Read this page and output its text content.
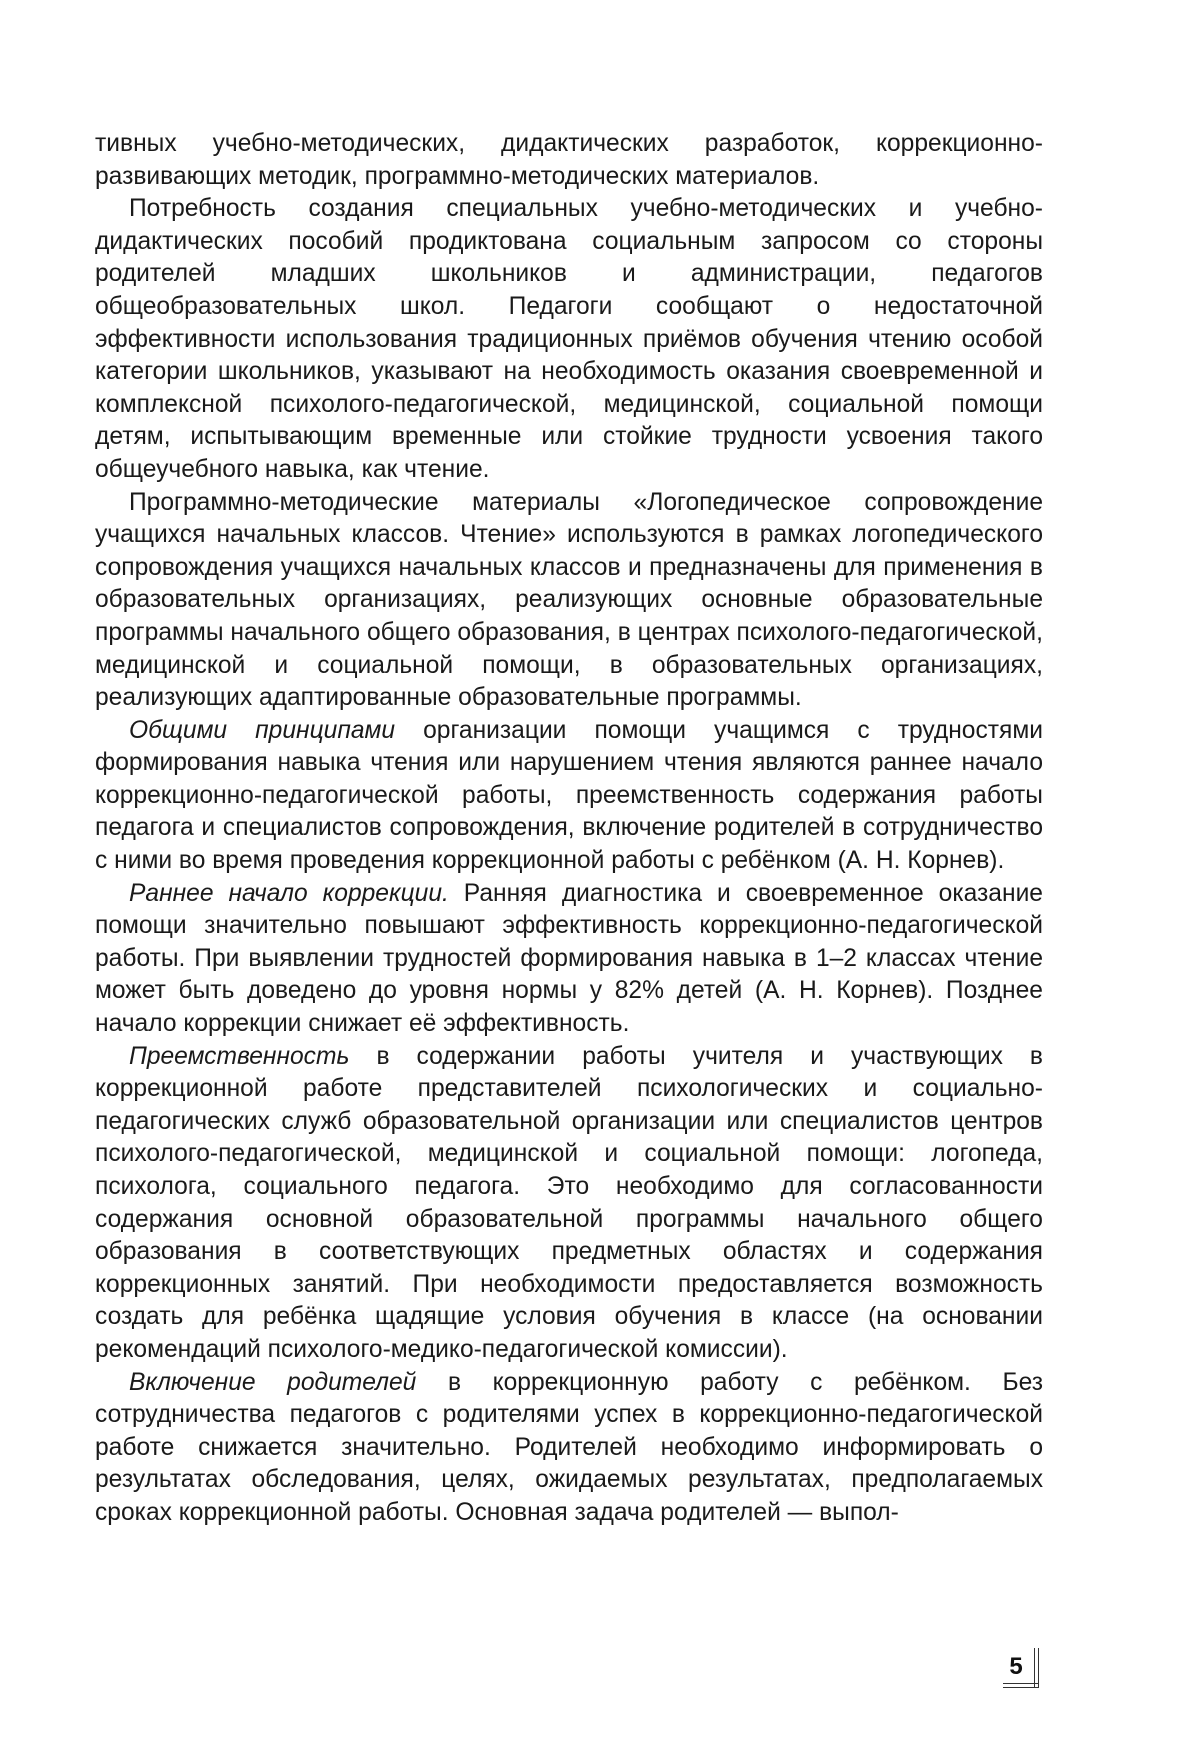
тивных учебно-методических, дидактических разработок, коррекционно-развивающих методик, программно-методических материалов.

Потребность создания специальных учебно-методических и учебно-дидактических пособий продиктована социальным запросом со стороны родителей младших школьников и администрации, педагогов общеобразовательных школ. Педагоги сообщают о недостаточной эффективности использования традиционных приёмов обучения чтению особой категории школьников, указывают на необходимость оказания своевременной и комплексной психолого-педагогической, медицинской, социальной помощи детям, испытывающим временные или стойкие трудности усвоения такого общеучебного навыка, как чтение.

Программно-методические материалы «Логопедическое сопровождение учащихся начальных классов. Чтение» используются в рамках логопедического сопровождения учащихся начальных классов и предназначены для применения в образовательных организациях, реализующих основные образовательные программы начального общего образования, в центрах психолого-педагогической, медицинской и социальной помощи, в образовательных организациях, реализующих адаптированные образовательные программы.

Общими принципами организации помощи учащимся с трудностями формирования навыка чтения или нарушением чтения являются раннее начало коррекционно-педагогической работы, преемственность содержания работы педагога и специалистов сопровождения, включение родителей в сотрудничество с ними во время проведения коррекционной работы с ребёнком (А. Н. Корнев).

Раннее начало коррекции. Ранняя диагностика и своевременное оказание помощи значительно повышают эффективность коррекционно-педагогической работы. При выявлении трудностей формирования навыка в 1–2 классах чтение может быть доведено до уровня нормы у 82% детей (А. Н. Корнев). Позднее начало коррекции снижает её эффективность.

Преемственность в содержании работы учителя и участвующих в коррекционной работе представителей психологических и социально-педагогических служб образовательной организации или специалистов центров психолого-педагогической, медицинской и социальной помощи: логопеда, психолога, социального педагога. Это необходимо для согласованности содержания основной образовательной программы начального общего образования в соответствующих предметных областях и содержания коррекционных занятий. При необходимости предоставляется возможность создать для ребёнка щадящие условия обучения в классе (на основании рекомендаций психолого-медико-педагогической комиссии).

Включение родителей в коррекционную работу с ребёнком. Без сотрудничества педагогов с родителями успех в коррекционно-педагогической работе снижается значительно. Родителей необходимо информировать о результатах обследования, целях, ожидаемых результатах, предполагаемых сроках коррекционной работы. Основная задача родителей — выпол-

5
